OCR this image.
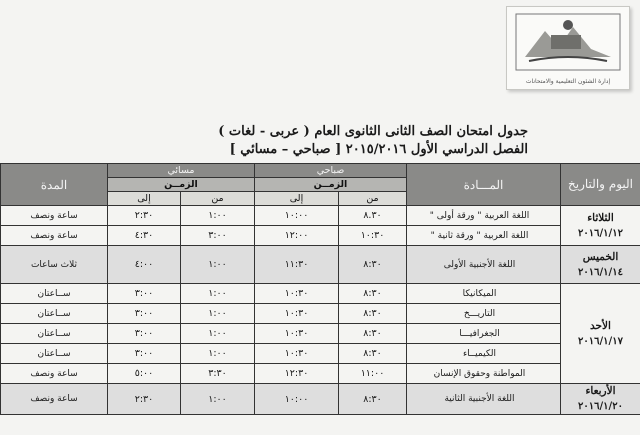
إدارة الشئون التعليمية والامتحانات
جدول امتحان الصف الثانى الثانوى العام ( عربى - لغات )
الفصل الدراسي الأول ٢٠١٥/٢٠١٦ [ صباحي – مسائي ]
اليوم والتاريخ	المـــادة	صباحي		مسائي		المدة
		الزمــن		الزمــن		
		من	إلى	من	إلى	
الثلاثاء
٢٠١٦/١/١٢	اللغة العربية " ورقة أولى "	٨.٣٠	١٠:٠٠	١:٠٠	٢:٣٠	ساعة ونصف
	اللغة العربية " ورقة ثانية "	١٠:٣٠	١٢:٠٠	٣:٠٠	٤:٣٠	ساعة ونصف
الخميس
٢٠١٦/١/١٤	اللغة الأجنبية الأولى	٨:٣٠	١١:٣٠	١:٠٠	٤:٠٠	ثلاث ساعات
الأحد
٢٠١٦/١/١٧	الميكانيكا	٨:٣٠	١٠:٣٠	١:٠٠	٣:٠٠	ســاعتان
	التاريـــخ	٨:٣٠	١٠:٣٠	١:٠٠	٣:٠٠	ســاعتان
	الجغرافيـــا	٨:٣٠	١٠:٣٠	١:٠٠	٣:٠٠	ســاعتان
	الكيميــاء	٨:٣٠	١٠:٣٠	١:٠٠	٣:٠٠	ســاعتان
	المواطنة وحقوق الإنسان	١١:٠٠	١٢:٣٠	٣:٣٠	٥:٠٠	ساعة ونصف
الأربعاء
٢٠١٦/١/٢٠	اللغة الأجنبية الثانية	٨:٣٠	١٠:٠٠	١:٠٠	٢:٣٠	ساعة ونصف
